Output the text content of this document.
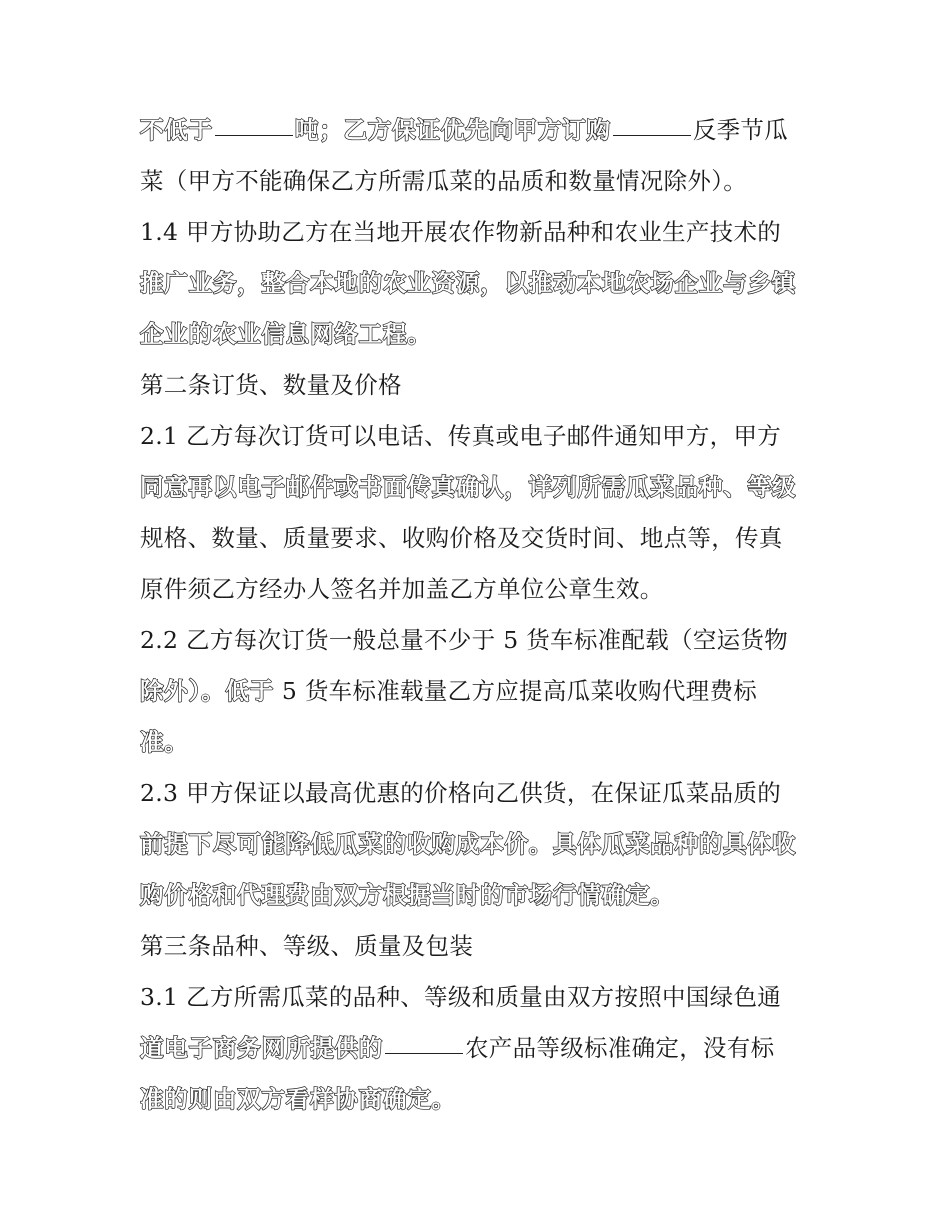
不低于	吨；乙方保证优先向甲方订购	反季节瓜
菜（甲方不能确保乙方所需瓜菜的品质和数量情况除外）。
1.4 甲方协助乙方在当地开展农作物新品种和农业生产技术的
推广业务，整合本地的农业资源，以推动本地农场企业与乡镇
企业的农业信息网络工程。
第二条订货、数量及价格
2.1 乙方每次订货可以电话、传真或电子邮件通知甲方，甲方
同意再以电子邮件或书面传真确认，详列所需瓜菜品种、等级
规格、数量、质量要求、收购价格及交货时间、地点等，传真
原件须乙方经办人签名并加盖乙方单位公章生效。
2.2 乙方每次订货一般总量不少于 5 货车标准配载（空运货物
除外）。低于 5 货车标准载量乙方应提高瓜菜收购代理费标
准。
2.3 甲方保证以最高优惠的价格向乙供货，在保证瓜菜品质的
前提下尽可能降低瓜菜的收购成本价。具体瓜菜品种的具体收
购价格和代理费由双方根据当时的市场行情确定。
第三条品种、等级、质量及包装
3.1 乙方所需瓜菜的品种、等级和质量由双方按照中国绿色通
道电子商务网所提供的	农产品等级标准确定，没有标
准的则由双方看样协商确定。
